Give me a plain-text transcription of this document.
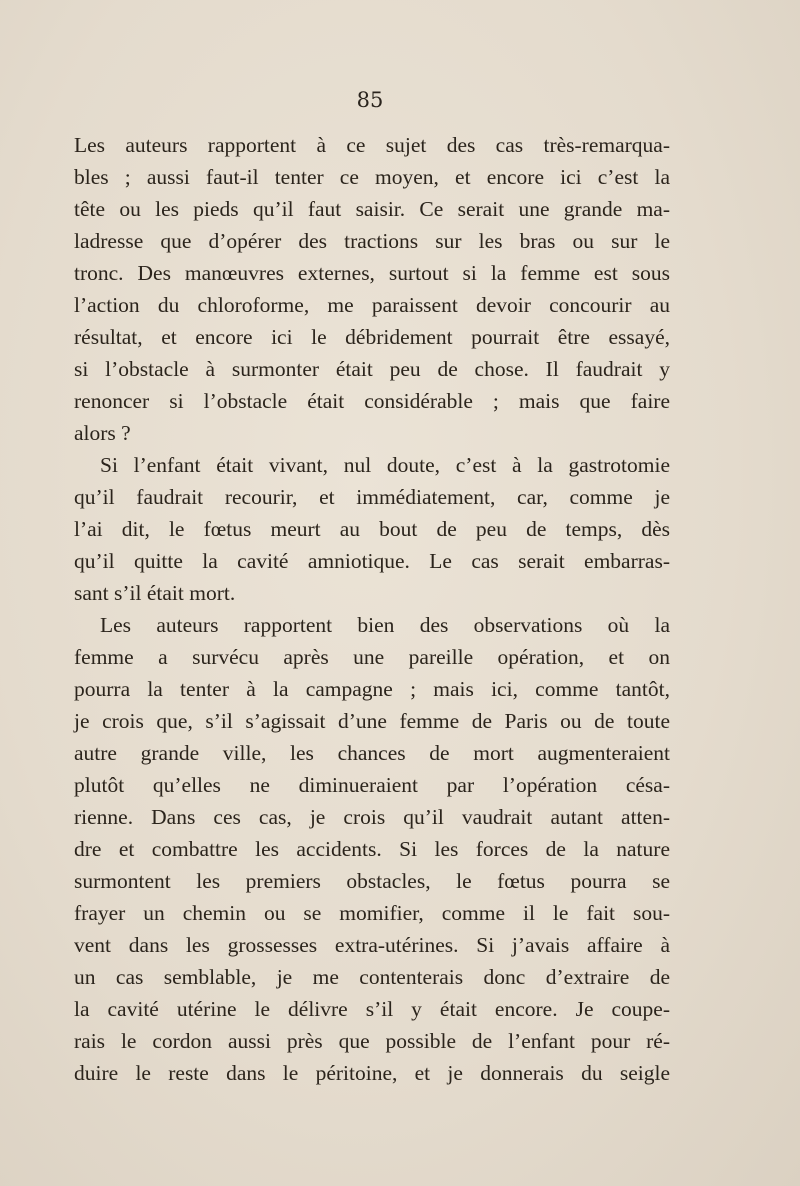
85
Les auteurs rapportent à ce sujet des cas très-remarqua-
bles ; aussi faut-il tenter ce moyen, et encore ici c’est la
tête ou les pieds qu’il faut saisir. Ce serait une grande ma-
ladresse que d’opérer des tractions sur les bras ou sur le
tronc. Des manœuvres externes, surtout si la femme est sous
l’action du chloroforme, me paraissent devoir concourir au
résultat, et encore ici le débridement pourrait être essayé,
si l’obstacle à surmonter était peu de chose. Il faudrait y
renoncer si l’obstacle était considérable ; mais que faire
alors ?
Si l’enfant était vivant, nul doute, c’est à la gastrotomie
qu’il faudrait recourir, et immédiatement, car, comme je
l’ai dit, le fœtus meurt au bout de peu de temps, dès
qu’il quitte la cavité amniotique. Le cas serait embarras-
sant s’il était mort.
Les auteurs rapportent bien des observations où la
femme a survécu après une pareille opération, et on
pourra la tenter à la campagne ; mais ici, comme tantôt,
je crois que, s’il s’agissait d’une femme de Paris ou de toute
autre grande ville, les chances de mort augmenteraient
plutôt qu’elles ne diminueraient par l’opération césa-
rienne. Dans ces cas, je crois qu’il vaudrait autant atten-
dre et combattre les accidents. Si les forces de la nature
surmontent les premiers obstacles, le fœtus pourra se
frayer un chemin ou se momifier, comme il le fait sou-
vent dans les grossesses extra-utérines. Si j’avais affaire à
un cas semblable, je me contenterais donc d’extraire de
la cavité utérine le délivre s’il y était encore. Je coupe-
rais le cordon aussi près que possible de l’enfant pour ré-
duire le reste dans le péritoine, et je donnerais du seigle
